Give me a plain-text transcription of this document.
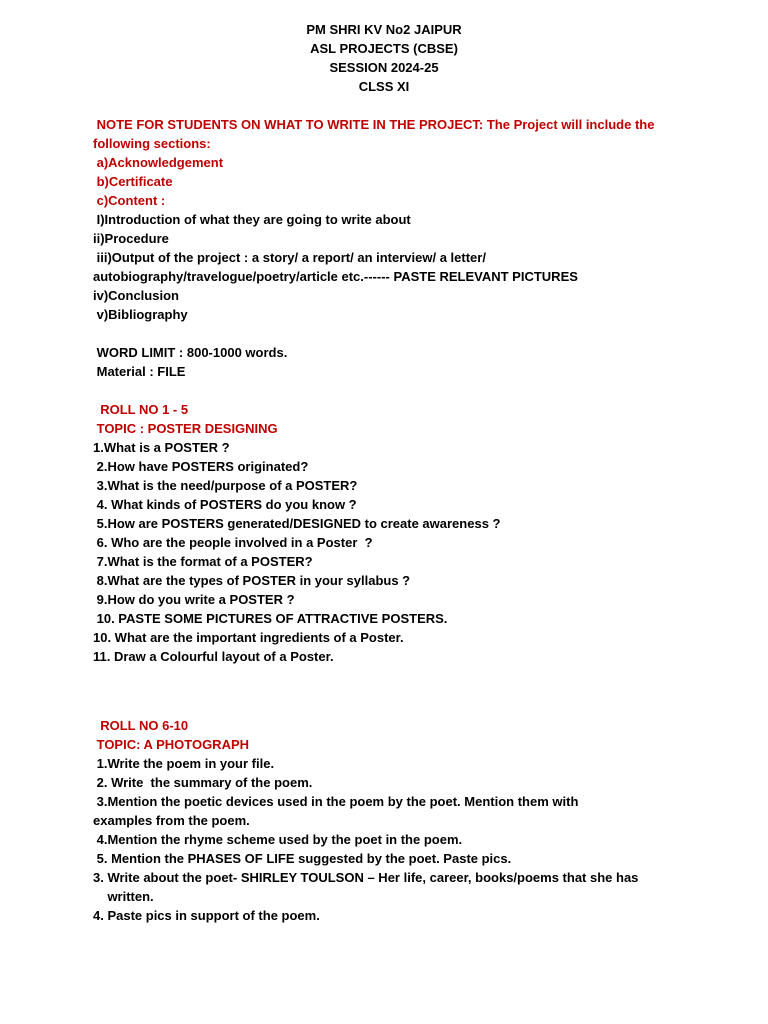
PM SHRI KV No2 JAIPUR
ASL PROJECTS (CBSE)
SESSION 2024-25
CLSS XI
NOTE FOR STUDENTS ON WHAT TO WRITE IN THE PROJECT: The Project will include the
following sections:
a)Acknowledgement
b)Certificate
c)Content :
I)Introduction of what they are going to write about
ii)Procedure
iii)Output of the project : a story/ a report/ an interview/ a letter/
autobiography/travelogue/poetry/article etc.------ PASTE RELEVANT PICTURES
iv)Conclusion
v)Bibliography
WORD LIMIT : 800-1000 words.
Material : FILE
ROLL NO 1 - 5
TOPIC : POSTER DESIGNING
1.What is a POSTER ?
2.How have POSTERS originated?
3.What is the need/purpose of a POSTER?
4. What kinds of POSTERS do you know ?
5.How are POSTERS generated/DESIGNED to create awareness ?
6. Who are the people involved in a Poster  ?
7.What is the format of a POSTER?
8.What are the types of POSTER in your syllabus ?
9.How do you write a POSTER ?
10. PASTE SOME PICTURES OF ATTRACTIVE POSTERS.
10. What are the important ingredients of a Poster.
11. Draw a Colourful layout of a Poster.
ROLL NO 6-10
TOPIC: A PHOTOGRAPH
1.Write the poem in your file.
2. Write  the summary of the poem.
3.Mention the poetic devices used in the poem by the poet. Mention them with
examples from the poem.
4.Mention the rhyme scheme used by the poet in the poem.
5. Mention the PHASES OF LIFE suggested by the poet. Paste pics.
3. Write about the poet- SHIRLEY TOULSON – Her life, career, books/poems that she has
written.
4. Paste pics in support of the poem.
